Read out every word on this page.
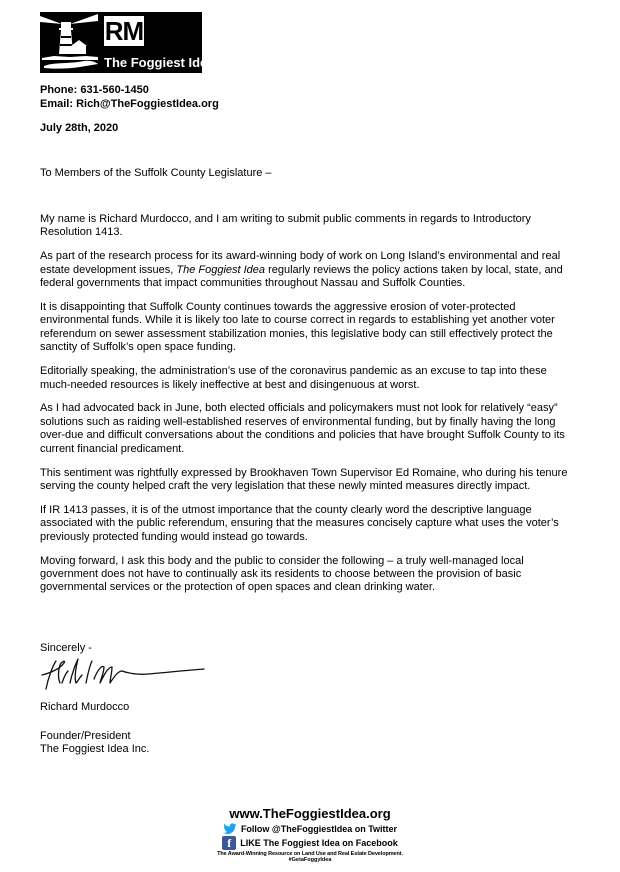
RM
The Foggiest Idea
Phone: 631-560-1450
Email: Rich@TheFoggiestIdea.org
July 28th, 2020
To Members of the Suffolk County Legislature –

My name is Richard Murdocco, and I am writing to submit public comments in regards to Introductory Resolution 1413.

As part of the research process for its award-winning body of work on Long Island’s environmental and real estate development issues, The Foggiest Idea regularly reviews the policy actions taken by local, state, and federal governments that impact communities throughout Nassau and Suffolk Counties.

It is disappointing that Suffolk County continues towards the aggressive erosion of voter-protected environmental funds. While it is likely too late to course correct in regards to establishing yet another voter referendum on sewer assessment stabilization monies, this legislative body can still effectively protect the sanctity of Suffolk’s open space funding.

Editorially speaking, the administration’s use of the coronavirus pandemic as an excuse to tap into these much-needed resources is likely ineffective at best and disingenuous at worst.

As I had advocated back in June, both elected officials and policymakers must not look for relatively “easy” solutions such as raiding well-established reserves of environmental funding, but by finally having the long over-due and difficult conversations about the conditions and policies that have brought Suffolk County to its current financial predicament.

This sentiment was rightfully expressed by Brookhaven Town Supervisor Ed Romaine, who during his tenure serving the county helped craft the very legislation that these newly minted measures directly impact.

If IR 1413 passes, it is of the utmost importance that the county clearly word the descriptive language associated with the public referendum, ensuring that the measures concisely capture what uses the voter’s previously protected funding would instead go towards.

Moving forward, I ask this body and the public to consider the following – a truly well-managed local government does not have to continually ask its residents to choose between the provision of basic governmental services or the protection of open spaces and clean drinking water.

Sincerely -
Richard Murdocco
Founder/President
The Foggiest Idea Inc.
www.TheFoggiestIdea.org
Follow @TheFoggiestIdea on Twitter
f	LIKE The Foggiest Idea on Facebook
The Award-Winning Resource on Land Use and Real Estate Development.
#GetaFoggyIdea
